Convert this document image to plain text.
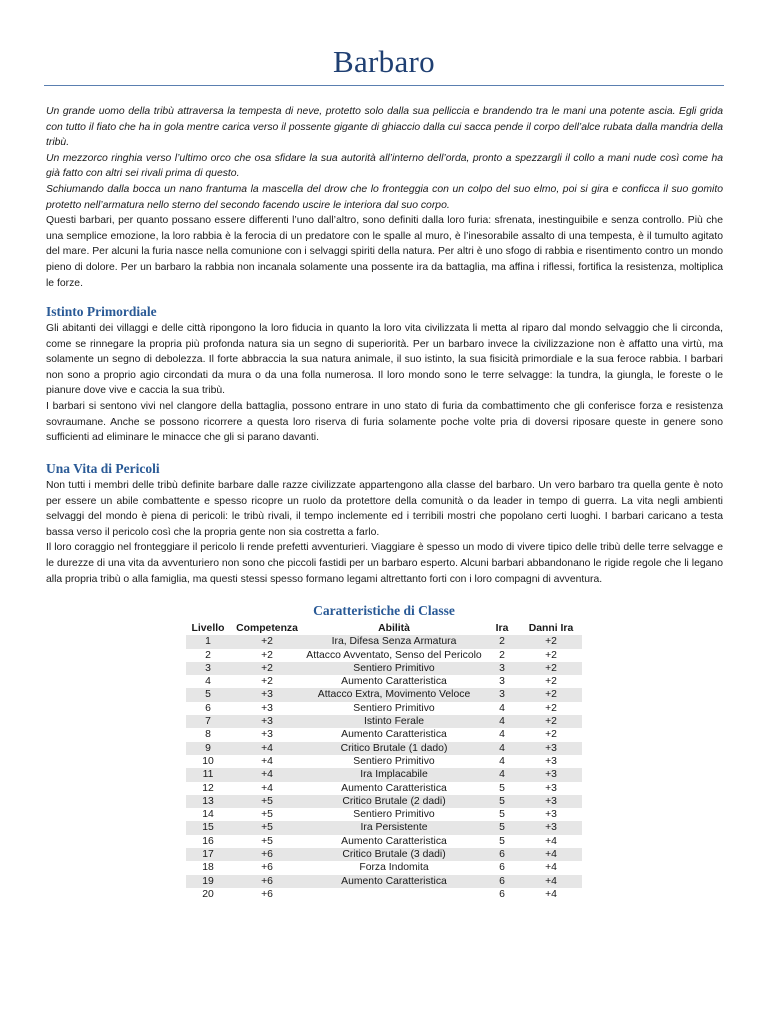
Barbaro

Un grande uomo della tribù attraversa la tempesta di neve, protetto solo dalla sua pelliccia e brandendo tra le mani una potente ascia. Egli grida con tutto il fiato che ha in gola mentre carica verso il possente gigante di ghiaccio dalla cui sacca pende il corpo dell’alce rubata dalla mandria della tribù.

Un mezzorco ringhia verso l’ultimo orco che osa sfidare la sua autorità all’interno dell’orda, pronto a spezzargli il collo a mani nude così come ha già fatto con altri sei rivali prima di questo.

Schiumando dalla bocca un nano frantuma la mascella del drow che lo fronteggia con un colpo del suo elmo, poi si gira e conficca il suo gomito protetto nell’armatura nello sterno del secondo facendo uscire le interiora dal suo corpo.

Questi barbari, per quanto possano essere differenti l’uno dall’altro, sono definiti dalla loro furia: sfrenata, inestinguibile e senza controllo. Più che una semplice emozione, la loro rabbia è la ferocia di un predatore con le spalle al muro, è l’inesorabile assalto di una tempesta, è il tumulto agitato del mare. Per alcuni la furia nasce nella comunione con i selvaggi spiriti della natura. Per altri è uno sfogo di rabbia e risentimento contro un mondo pieno di dolore. Per un barbaro la rabbia non incanala solamente una possente ira da battaglia, ma affina i riflessi, fortifica la resistenza, moltiplica le forze.

Istinto Primordiale

Gli abitanti dei villaggi e delle città ripongono la loro fiducia in quanto la loro vita civilizzata li metta al riparo dal mondo selvaggio che li circonda, come se rinnegare la propria più profonda natura sia un segno di superiorità. Per un barbaro invece la civilizzazione non è affatto una virtù, ma solamente un segno di debolezza. Il forte abbraccia la sua natura animale, il suo istinto, la sua fisicità primordiale e la sua feroce rabbia. I barbari non sono a proprio agio circondati da mura o da una folla numerosa. Il loro mondo sono le terre selvagge: la tundra, la giungla, le foreste o le pianure dove vive e caccia la sua tribù.

I barbari si sentono vivi nel clangore della battaglia, possono entrare in uno stato di furia da combattimento che gli conferisce forza e resistenza sovraumane. Anche se possono ricorrere a questa loro riserva di furia solamente poche volte pria di doversi riposare queste in genere sono sufficienti ad eliminare le minacce che gli si parano davanti.

Una Vita di Pericoli

Non tutti i membri delle tribù definite barbare dalle razze civilizzate appartengono alla classe del barbaro. Un vero barbaro tra quella gente è noto per essere un abile combattente e spesso ricopre un ruolo da protettore della comunità o da leader in tempo di guerra. La vita negli ambienti selvaggi del mondo è piena di pericoli: le tribù rivali, il tempo inclemente ed i terribili mostri che popolano certi luoghi. I barbari caricano a testa bassa verso il pericolo così che la propria gente non sia costretta a farlo.

Il loro coraggio nel fronteggiare il pericolo li rende prefetti avventurieri. Viaggiare è spesso un modo di vivere tipico delle tribù delle terre selvagge e le durezze di una vita da avventuriero non sono che piccoli fastidi per un barbaro esperto. Alcuni barbari abbandonano le rigide regole che li legano alla propria tribù o alla famiglia, ma questi stessi spesso formano legami altrettanto forti con i loro compagni di avventura.

Caratteristiche di Classe
Livello	Competenza	Abilità	Ira	Danni Ira
1	+2	Ira, Difesa Senza Armatura	2	+2
2	+2	Attacco Avventato, Senso del Pericolo	2	+2
3	+2	Sentiero Primitivo	3	+2
4	+2	Aumento Caratteristica	3	+2
5	+3	Attacco Extra, Movimento Veloce	3	+2
6	+3	Sentiero Primitivo	4	+2
7	+3	Istinto Ferale	4	+2
8	+3	Aumento Caratteristica	4	+2
9	+4	Critico Brutale (1 dado)	4	+3
10	+4	Sentiero Primitivo	4	+3
11	+4	Ira Implacabile	4	+3
12	+4	Aumento Caratteristica	5	+3
13	+5	Critico Brutale (2 dadi)	5	+3
14	+5	Sentiero Primitivo	5	+3
15	+5	Ira Persistente	5	+3
16	+5	Aumento Caratteristica	5	+4
17	+6	Critico Brutale (3 dadi)	6	+4
18	+6	Forza Indomita	6	+4
19	+6	Aumento Caratteristica	6	+4
20	+6		6	+4
